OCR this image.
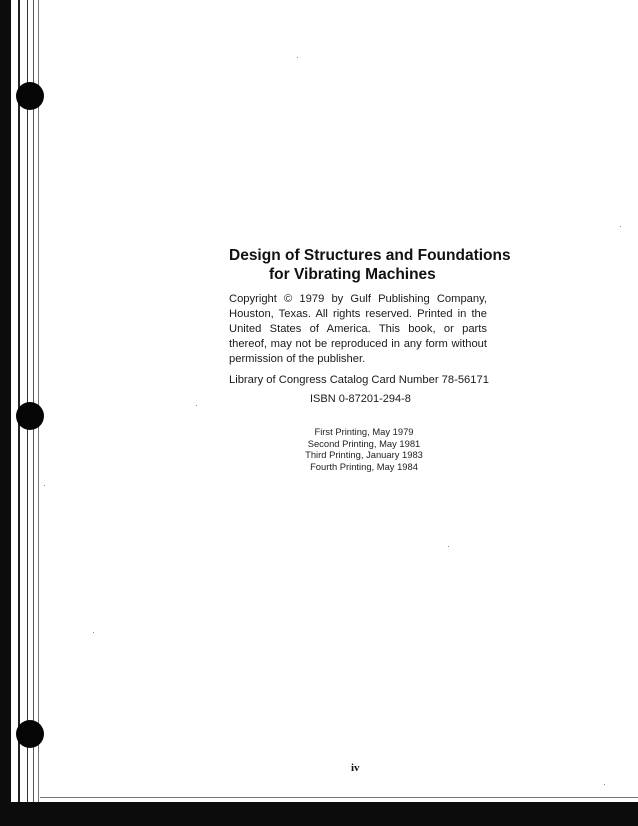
Design of Structures and Foundations
for Vibrating Machines

Copyright © 1979 by Gulf Publishing Company, Houston, Texas. All rights reserved. Printed in the United States of America. This book, or parts thereof, may not be reproduced in any form without permission of the publisher.

Library of Congress Catalog Card Number 78-56171

ISBN 0-87201-294-8

First Printing, May 1979
Second Printing, May 1981
Third Printing, January 1983
Fourth Printing, May 1984
iv
